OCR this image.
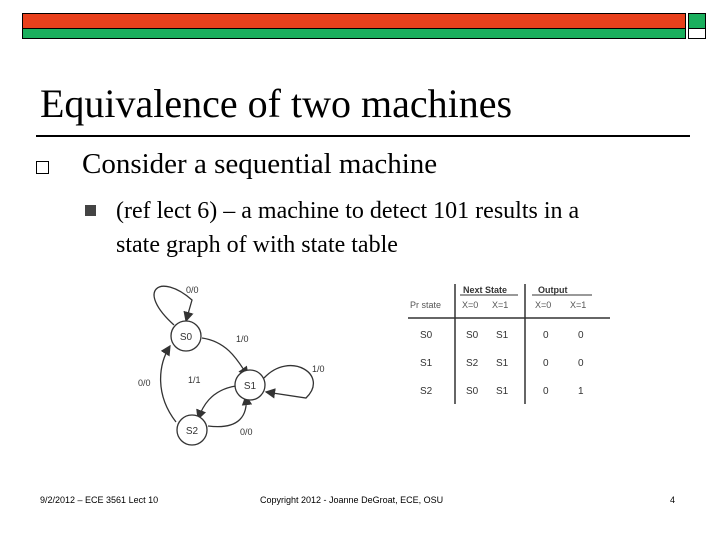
Equivalence of two machines
Consider a sequential machine
(ref lect 6) – a machine to detect 101 results in a
state graph of with state table
S0
S1
S2
0/0
1/0
1/0
0/0	1/1
0/0
Next State	Output
Pr state X=0 X=1	X=0 X=1
S0	S0 S1	0	0
S1	S2 S1	0	0
S2	S0 S1	0	1
9/2/2012 – ECE 3561 Lect 10	Copyright 2012 - Joanne DeGroat, ECE, OSU	4
